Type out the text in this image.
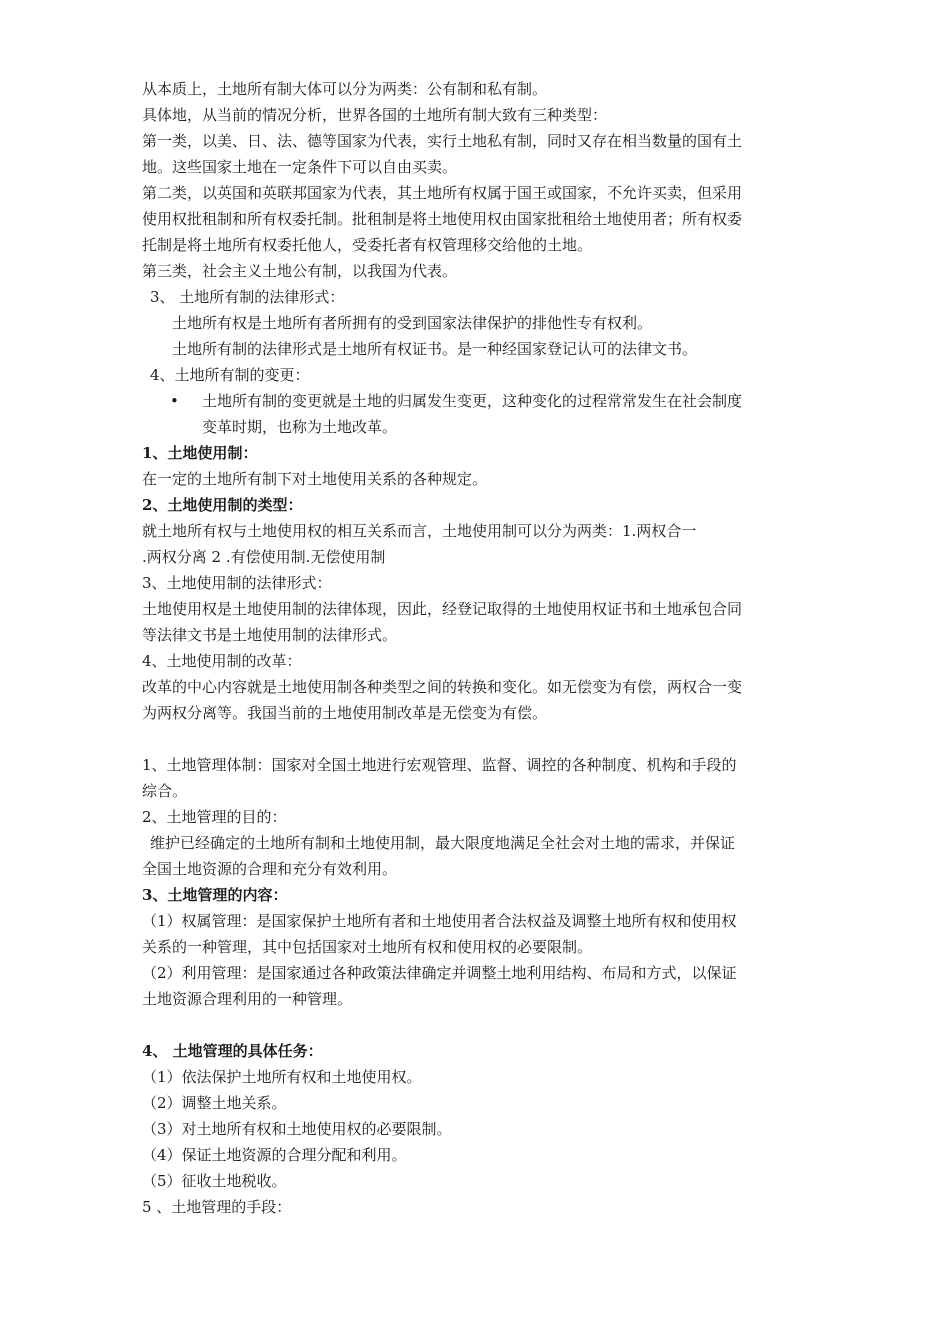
从本质上，土地所有制大体可以分为两类：公有制和私有制。
具体地，从当前的情况分析，世界各国的土地所有制大致有三种类型：
第一类，以美、日、法、德等国家为代表，实行土地私有制，同时又存在相当数量的国有土
地。这些国家土地在一定条件下可以自由买卖。
第二类，以英国和英联邦国家为代表，其土地所有权属于国王或国家，不允许买卖，但采用
使用权批租制和所有权委托制。批租制是将土地使用权由国家批租给土地使用者；所有权委
托制是将土地所有权委托他人，受委托者有权管理移交给他的土地。
第三类，社会主义土地公有制，以我国为代表。
3、 土地所有制的法律形式：
土地所有权是土地所有者所拥有的受到国家法律保护的排他性专有权利。
土地所有制的法律形式是土地所有权证书。是一种经国家登记认可的法律文书。
4、土地所有制的变更：
• 土地所有制的变更就是土地的归属发生变更，这种变化的过程常常发生在社会制度
变革时期，也称为土地改革。
1、土地使用制：
在一定的土地所有制下对土地使用关系的各种规定。
2、土地使用制的类型：
就土地所有权与土地使用权的相互关系而言，土地使用制可以分为两类：1.两权合一
.两权分离 2 .有偿使用制.无偿使用制
3、土地使用制的法律形式：
土地使用权是土地使用制的法律体现，因此，经登记取得的土地使用权证书和土地承包合同
等法律文书是土地使用制的法律形式。
4、土地使用制的改革：
改革的中心内容就是土地使用制各种类型之间的转换和变化。如无偿变为有偿，两权合一变
为两权分离等。我国当前的土地使用制改革是无偿变为有偿。
1、土地管理体制：国家对全国土地进行宏观管理、监督、调控的各种制度、机构和手段的
综合。
2、土地管理的目的：
维护已经确定的土地所有制和土地使用制，最大限度地满足全社会对土地的需求，并保证
全国土地资源的合理和充分有效利用。
3、土地管理的内容：
（1）权属管理：是国家保护土地所有者和土地使用者合法权益及调整土地所有权和使用权
关系的一种管理，其中包括国家对土地所有权和使用权的必要限制。
（2）利用管理：是国家通过各种政策法律确定并调整土地利用结构、布局和方式，以保证
土地资源合理利用的一种管理。
4、 土地管理的具体任务：
（1）依法保护土地所有权和土地使用权。
（2）调整土地关系。
（3）对土地所有权和土地使用权的必要限制。
（4）保证土地资源的合理分配和利用。
（5）征收土地税收。
5 、土地管理的手段：
